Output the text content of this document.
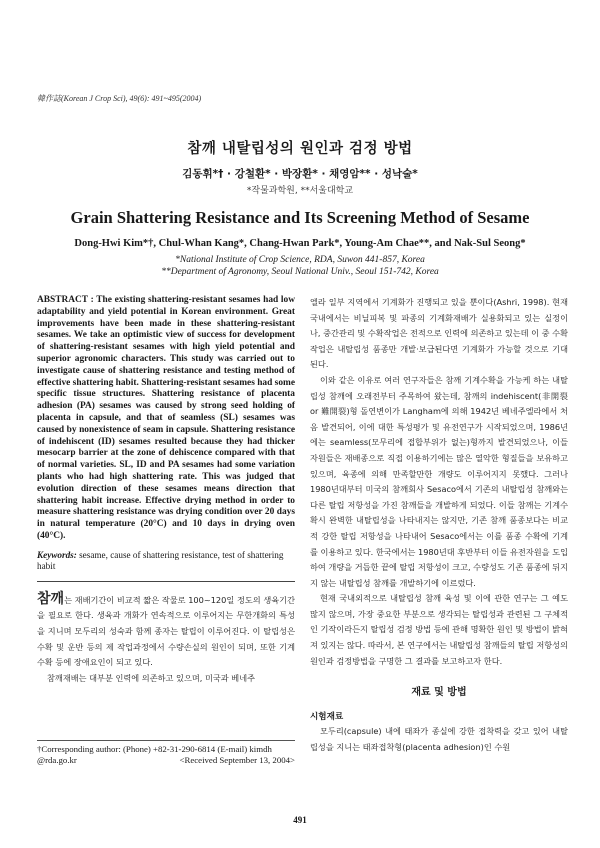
韓作誌(Korean J Crop Sci), 49(6): 491~495(2004)
참깨 내탈립성의 원인과 검정 방법
김동휘*† · 강철환* · 박장환* · 채영암** · 성낙술*
*작물과학원, **서울대학교
Grain Shattering Resistance and Its Screening Method of Sesame
Dong-Hwi Kim*†, Chul-Whan Kang*, Chang-Hwan Park*, Young-Am Chae**, and Nak-Sul Seong*
*National Institute of Crop Science, RDA, Suwon 441-857, Korea
**Department of Agronomy, Seoul National Univ., Seoul 151-742, Korea
ABSTRACT : The existing shattering-resistant sesames had low adaptability and yield potential in Korean environment. Great improvements have been made in these shattering-resistant sesames. We take an optimistic view of success for development of shattering-resistant sesames with high yield potential and superior agronomic characters. This study was carried out to investigate cause of shattering resistance and testing method of effective shattering habit. Shattering-resistant sesames had some specific tissue structures. Shattering resistance of placenta adhesion (PA) sesames was caused by strong seed holding of placenta in capsule, and that of seamless (SL) sesames was caused by nonexistence of seam in capsule. Shattering resistance of indehiscent (ID) sesames resulted because they had thicker mesocarp barrier at the zone of dehiscence compared with that of normal varieties. SL, ID and PA sesames had some variation plants who had high shattering rate. This was judged that evolution direction of these sesames means direction that shattering habit increase. Effective drying method in order to measure shattering resistance was drying condition over 20 days in natural temperature (20°C) and 10 days in drying oven (40°C).
Keywords: sesame, cause of shattering resistance, test of shattering habit

참깨는 재배기간이 비교적 짧은 작물로 100~120일 정도의 생육기간을 필요로 한다. 생육과 개화가 연속적으로 이루어지는 무한개화의 특성을 지니며 모두리의 성숙과 함께 종자는 탈립이 이루어진다. 이 탈립성은 수확 및 운반 등의 제 작업과정에서 수량손실의 원인이 되며, 또한 기계 수확 등에 장애요인이 되고 있다.

참깨재배는 대부분 인력에 의존하고 있으며, 미국과 베네주

†Corresponding author: (Phone) +82-31-290-6814 (E-mail) kimdh
@rda.go.kr	<Received September 13, 2004>

엘라 일부 지역에서 기계화가 진행되고 있을 뿐이다(Ashri, 1998). 현재 국내에서는 비닐피복 및 파종의 기계화재배가 실용화되고 있는 실정이나, 중간관리 및 수확작업은 전적으로 인력에 의존하고 있는데 이 중 수확작업은 내탈립성 품종만 개발·보급된다면 기계화가 가능할 것으로 기대된다.

이와 같은 이유로 여러 연구자들은 참깨 기계수확을 가능케 하는 내탈립성 참깨에 오래전부터 주목하여 왔는데, 참깨의 indehiscent(非開裂 or 難開裂)형 돌연변이가 Langham에 의해 1942년 베네주엘라에서 처음 발견되어, 이에 대한 특성평가 및 유전연구가 시작되었으며, 1986년에는 seamless(모무리에 접합부위가 없는)형까지 발견되었으나, 이들 자원들은 재배종으로 직접 이용하기에는 많은 열악한 형질들을 보유하고 있으며, 육종에 의해 만족할만한 개량도 이루어지지 못했다. 그러나 1980년대부터 미국의 참깨회사 Sesaco에서 기존의 내탈립성 참깨와는 다른 탈립 저항성을 가진 참깨들을 개발하게 되었다. 이들 참깨는 기계수확시 완벽한 내탈립성을 나타내지는 않지만, 기존 참깨 품종보다는 비교적 강한 탈립 저항성을 나타내어 Sesaco에서는 이를 품종 수확에 기계를 이용하고 있다. 한국에서는 1980년대 후반부터 이들 유전자원을 도입하여 개량을 거듭한 끝에 탈립 저항성이 크고, 수량성도 기존 품종에 뒤지지 않는 내탈립성 참깨를 개발하기에 이르렀다.

현재 국내외적으로 내탈립성 참깨 육성 및 이에 관한 연구는 그 예도 많지 않으며, 가장 중요한 부분으로 생각되는 탈립성과 관련된 그 구체적인 기작이라든지 탈립성 검정 방법 등에 관해 명확한 원인 및 방법이 밝혀져 있지는 않다. 따라서, 본 연구에서는 내탈립성 참깨들의 탈립 저항성의 원인과 검정방법을 구명한 그 결과를 보고하고자 한다.

재료 및 방법
시험재료

모두리(capsule) 내에 태좌가 종실에 강한 접착력을 갖고 있어 내탈립성을 지니는 태좌접착형(placenta adhesion)인 수원

491
